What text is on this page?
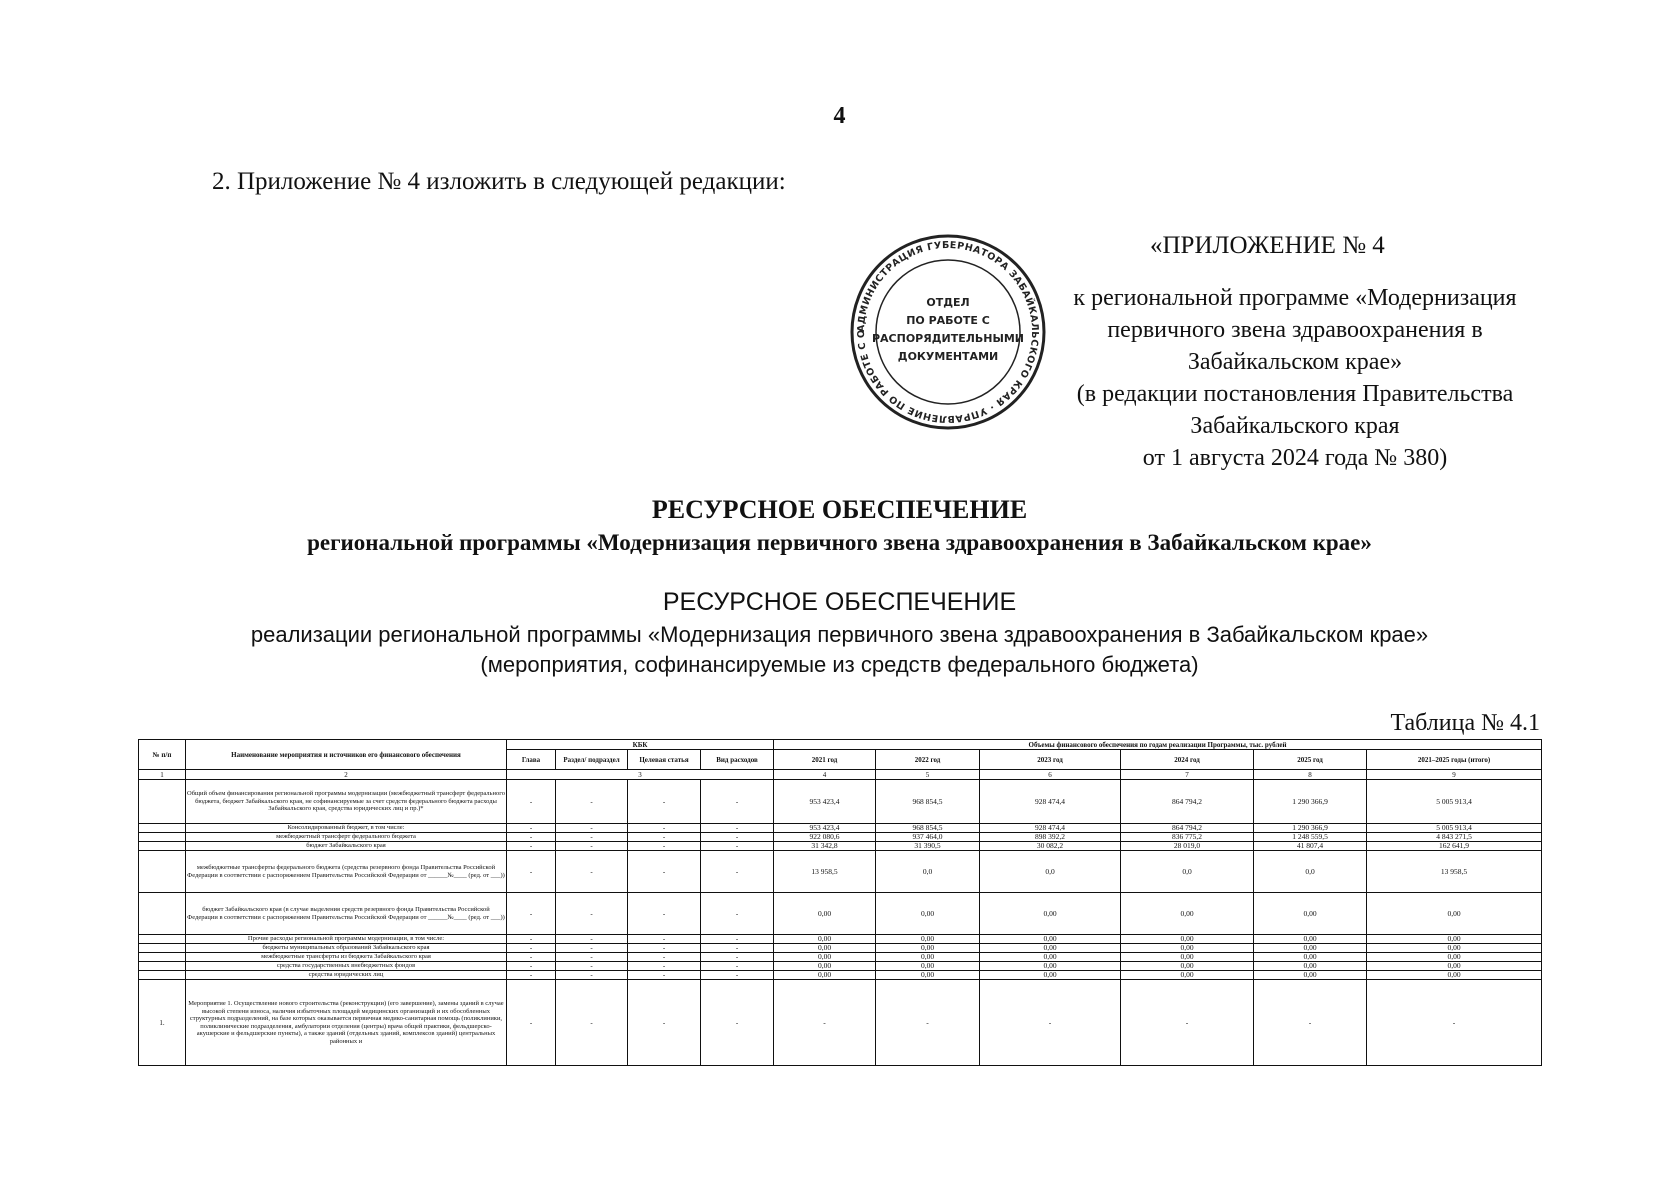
4
2. Приложение № 4 изложить в следующей редакции:
АДМИНИСТРАЦИЯ ГУБЕРНАТОРА ЗАБАЙКАЛЬСКОГО КРАЯ · УПРАВЛЕНИЕ ПО РАБОТЕ С О
ОТДЕЛ
ПО РАБОТЕ С
РАСПОРЯДИТЕЛЬНЫМИ
ДОКУМЕНТАМИ
«ПРИЛОЖЕНИЕ № 4
к региональной программе «Модернизация
первичного звена здравоохранения в
Забайкальском крае»
(в редакции постановления Правительства
Забайкальского края
от 1 августа 2024 года № 380)
РЕСУРСНОЕ ОБЕСПЕЧЕНИЕ
региональной программы «Модернизация первичного звена здравоохранения в Забайкальском крае»
РЕСУРСНОЕ ОБЕСПЕЧЕНИЕ
реализации региональной программы «Модернизация первичного звена здравоохранения в Забайкальском крае»
(мероприятия, софинансируемые из средств федерального бюджета)
Таблица № 4.1
№ п/п	Наименование мероприятия и источников его финансового обеспечения	КБК				Объемы финансового обеспечения по годам реализации Программы, тыс. рублей					
		Глава	Раздел/ подраздел	Целевая статья	Вид расходов	2021 год	2022 год	2023 год	2024 год	2025 год	2021–2025 годы (итого)
1	2	3				4	5	6	7	8	9
	Общий объем финансирования региональной программы модернизации (межбюджетный трансферт федерального бюджета, бюджет Забайкальского края, не софинансируемые за счет средств федерального бюджета расходы Забайкальского края, средства юридических лиц и пр.)*	-	-	-	-	953 423,4	968 854,5	928 474,4	864 794,2	1 290 366,9	5 005 913,4
	Консолидированный бюджет, в том числе:	-	-	-	-	953 423,4	968 854,5	928 474,4	864 794,2	1 290 366,9	5 005 913,4
	межбюджетный трансферт федерального бюджета	-	-	-	-	922 080,6	937 464,0	898 392,2	836 775,2	1 248 559,5	4 843 271,5
	бюджет Забайкальского края	-	-	-	-	31 342,8	31 390,5	30 082,2	28 019,0	41 807,4	162 641,9
	межбюджетные трансферты федерального бюджета (средства резервного фонда Правительства Российской Федерации в соответствии с распоряжением Правительства Российской Федерации от ______№____ (ред. от ___))	-	-	-	-	13 958,5	0,0	0,0	0,0	0,0	13 958,5
	бюджет Забайкальского края (в случае выделения средств резервного фонда Правительства Российской Федерации в соответствии с распоряжением Правительства Российской Федерации от ______№____ (ред. от ___))	-	-	-	-	0,00	0,00	0,00	0,00	0,00	0,00
	Прочие расходы региональной программы модернизации, в том числе:	-	-	-	-	0,00	0,00	0,00	0,00	0,00	0,00
	бюджеты муниципальных образований Забайкальского края	-	-	-	-	0,00	0,00	0,00	0,00	0,00	0,00
	межбюджетные трансферты из бюджета Забайкальского края	-	-	-	-	0,00	0,00	0,00	0,00	0,00	0,00
	средства государственных внебюджетных фондов	-	-	-	-	0,00	0,00	0,00	0,00	0,00	0,00
	средства юридических лиц	-	-	-	-	0,00	0,00	0,00	0,00	0,00	0,00
1.	Мероприятие 1. Осуществление нового строительства (реконструкции) (его завершение), замены зданий в случае высокой степени износа, наличия избыточных площадей медицинских организаций и их обособленных структурных подразделений, на базе которых оказывается первичная медико-санитарная помощь (поликлиники, поликлинические подразделения, амбулатории отделения (центры) врача общей практики, фельдшерско-акушерские и фельдшерские пункты), а также зданий (отдельных зданий, комплексов зданий) центральных районных и	-	-	-	-	-	-	-	-	-	-
